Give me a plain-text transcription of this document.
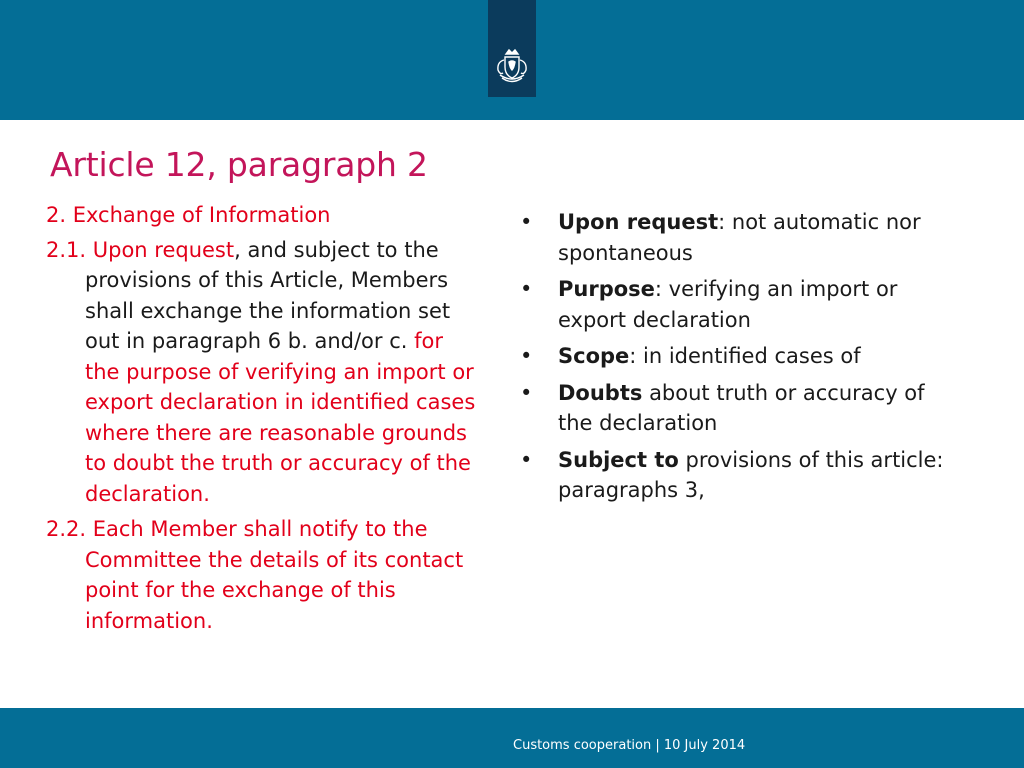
Article 12, paragraph 2

2. Exchange of Information

2.1. Upon request, and subject to the provisions of this Article, Members shall exchange the information set out in paragraph 6 b. and/or c. for the purpose of verifying an import or export declaration in identified cases where there are reasonable grounds to doubt the truth or accuracy of the declaration.

2.2. Each Member shall notify to the Committee the details of its contact point for the exchange of this information.

• Upon request: not automatic nor spontaneous
• Purpose: verifying an import or export declaration
• Scope: in identified cases of
• Doubts about truth or accuracy of the declaration
• Subject to provisions of this article: paragraphs 3,
Customs cooperation | 10 July 2014
